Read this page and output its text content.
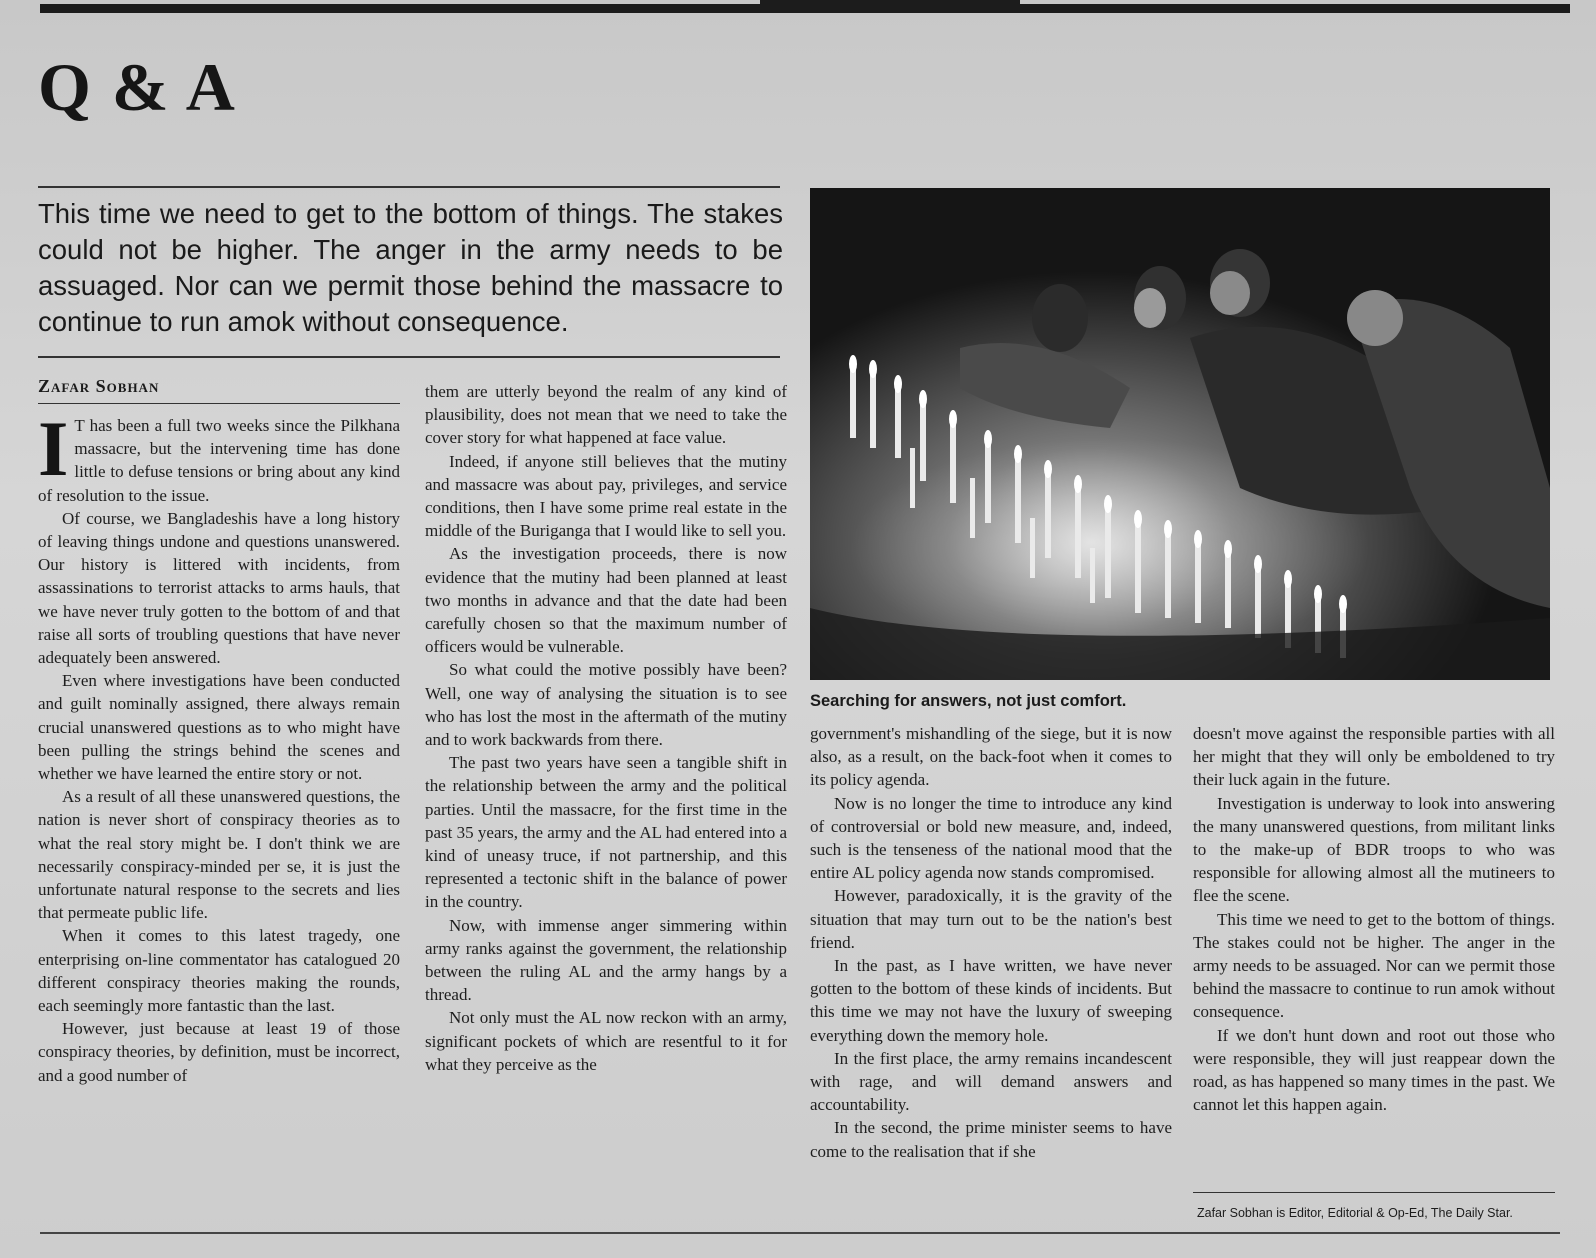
Q & A
This time we need to get to the bottom of things. The stakes could not be higher. The anger in the army needs to be assuaged. Nor can we permit those behind the massacre to continue to run amok without consequence.
Zafar Sobhan

I T has been a full two weeks since the Pilkhana massacre, but the intervening time has done little to defuse tensions or bring about any kind of resolution to the issue.

Of course, we Bangladeshis have a long history of leaving things undone and questions unanswered. Our history is littered with incidents, from assassinations to terrorist attacks to arms hauls, that we have never truly gotten to the bottom of and that raise all sorts of troubling questions that have never adequately been answered.

Even where investigations have been conducted and guilt nominally assigned, there always remain crucial unanswered questions as to who might have been pulling the strings behind the scenes and whether we have learned the entire story or not.

As a result of all these unanswered questions, the nation is never short of conspiracy theories as to what the real story might be. I don't think we are necessarily conspiracy-minded per se, it is just the unfortunate natural response to the secrets and lies that permeate public life.

When it comes to this latest tragedy, one enterprising on-line commentator has catalogued 20 different conspiracy theories making the rounds, each seemingly more fantastic than the last.

However, just because at least 19 of those conspiracy theories, by definition, must be incorrect, and a good number of

them are utterly beyond the realm of any kind of plausibility, does not mean that we need to take the cover story for what happened at face value.

Indeed, if anyone still believes that the mutiny and massacre was about pay, privileges, and service conditions, then I have some prime real estate in the middle of the Buriganga that I would like to sell you.

As the investigation proceeds, there is now evidence that the mutiny had been planned at least two months in advance and that the date had been carefully chosen so that the maximum number of officers would be vulnerable.

So what could the motive possibly have been? Well, one way of analysing the situation is to see who has lost the most in the aftermath of the mutiny and to work backwards from there.

The past two years have seen a tangible shift in the relationship between the army and the political parties. Until the massacre, for the first time in the past 35 years, the army and the AL had entered into a kind of uneasy truce, if not partnership, and this represented a tectonic shift in the balance of power in the country.

Now, with immense anger simmering within army ranks against the government, the relationship between the ruling AL and the army hangs by a thread.

Not only must the AL now reckon with an army, significant pockets of which are resentful to it for what they perceive as the

Searching for answers, not just comfort.

government's mishandling of the siege, but it is now also, as a result, on the back-foot when it comes to its policy agenda.

Now is no longer the time to introduce any kind of controversial or bold new measure, and, indeed, such is the tenseness of the national mood that the entire AL policy agenda now stands compromised.

However, paradoxically, it is the gravity of the situation that may turn out to be the nation's best friend.

In the past, as I have written, we have never gotten to the bottom of these kinds of incidents. But this time we may not have the luxury of sweeping everything down the memory hole.

In the first place, the army remains incandescent with rage, and will demand answers and accountability.

In the second, the prime minister seems to have come to the realisation that if she

doesn't move against the responsible parties with all her might that they will only be emboldened to try their luck again in the future.

Investigation is underway to look into answering the many unanswered questions, from militant links to the make-up of BDR troops to who was responsible for allowing almost all the mutineers to flee the scene.

This time we need to get to the bottom of things. The stakes could not be higher. The anger in the army needs to be assuaged. Nor can we permit those behind the massacre to continue to run amok without consequence.

If we don't hunt down and root out those who were responsible, they will just reappear down the road, as has happened so many times in the past. We cannot let this happen again.

Zafar Sobhan is Editor, Editorial & Op-Ed, The Daily Star.
